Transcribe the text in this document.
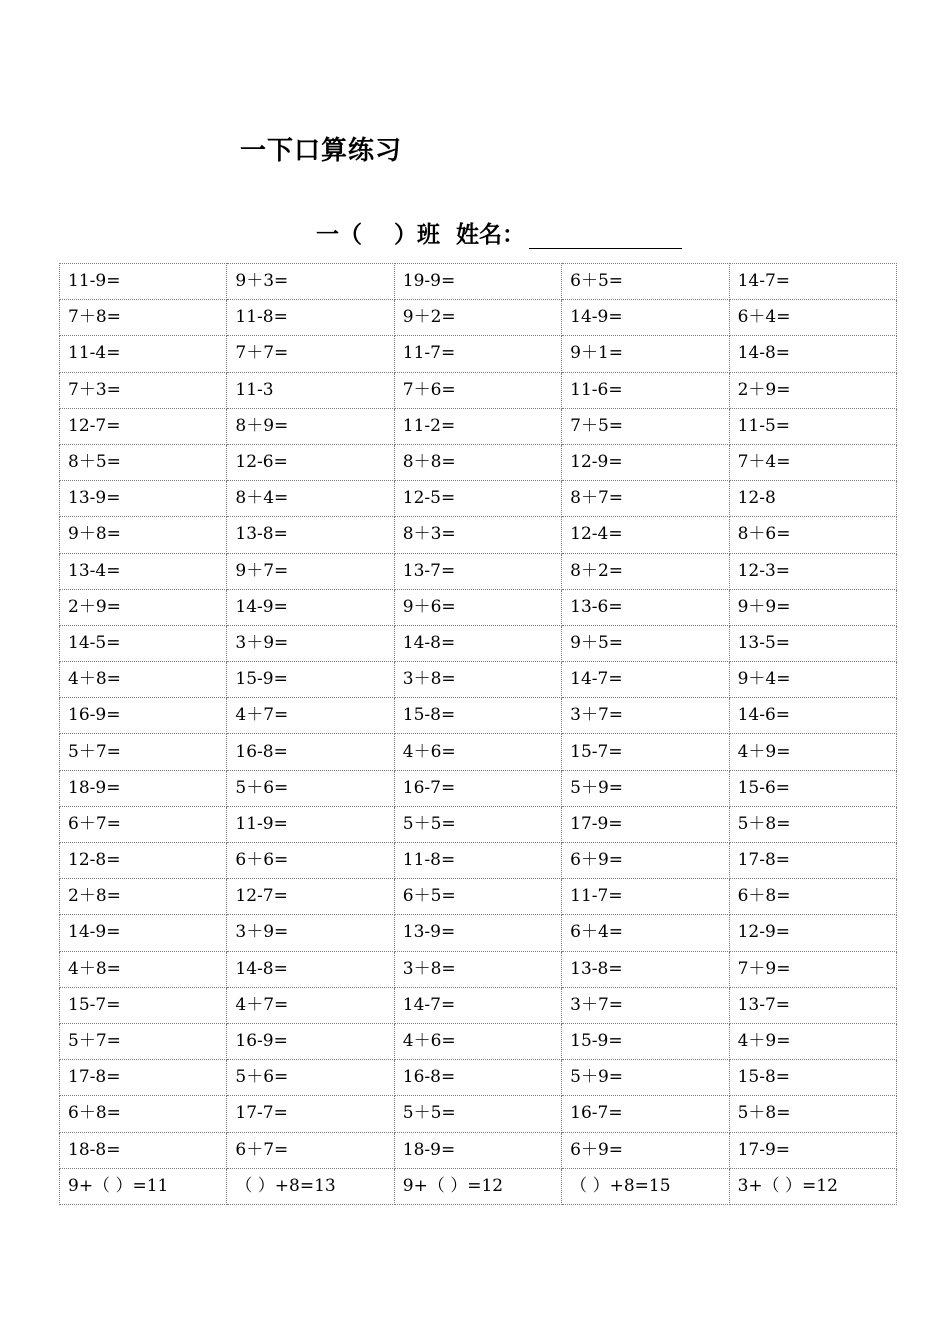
一下口算练习
一（ ）班 姓名：
11-9=	9＋3=	19-9=	6＋5=	14-7=
7＋8=	11-8=	9＋2=	14-9=	6＋4=
11-4=	7＋7=	11-7=	9＋1=	14-8=
7＋3=	11-3	7＋6=	11-6=	2＋9=
12-7=	8＋9=	11-2=	7＋5=	11-5=
8＋5=	12-6=	8＋8=	12-9=	7＋4=
13-9=	8＋4=	12-5=	8＋7=	12-8
9＋8=	13-8=	8＋3=	12-4=	8＋6=
13-4=	9＋7=	13-7=	8＋2=	12-3=
2＋9=	14-9=	9＋6=	13-6=	9＋9=
14-5=	3＋9=	14-8=	9＋5=	13-5=
4＋8=	15-9=	3＋8=	14-7=	9＋4=
16-9=	4＋7=	15-8=	3＋7=	14-6=
5＋7=	16-8=	4＋6=	15-7=	4＋9=
18-9=	5＋6=	16-7=	5＋9=	15-6=
6＋7=	11-9=	5＋5=	17-9=	5＋8=
12-8=	6＋6=	11-8=	6＋9=	17-8=
2＋8=	12-7=	6＋5=	11-7=	6＋8=
14-9=	3＋9=	13-9=	6＋4=	12-9=
4＋8=	14-8=	3＋8=	13-8=	7＋9=
15-7=	4＋7=	14-7=	3＋7=	13-7=
5＋7=	16-9=	4＋6=	15-9=	4＋9=
17-8=	5＋6=	16-8=	5＋9=	15-8=
6＋8=	17-7=	5＋5=	16-7=	5＋8=
18-8=	6＋7=	18-9=	6＋9=	17-9=
9+（ ）=11	（ ）+8=13	9+（ ）=12	（ ）+8=15	3+（ ）=12
